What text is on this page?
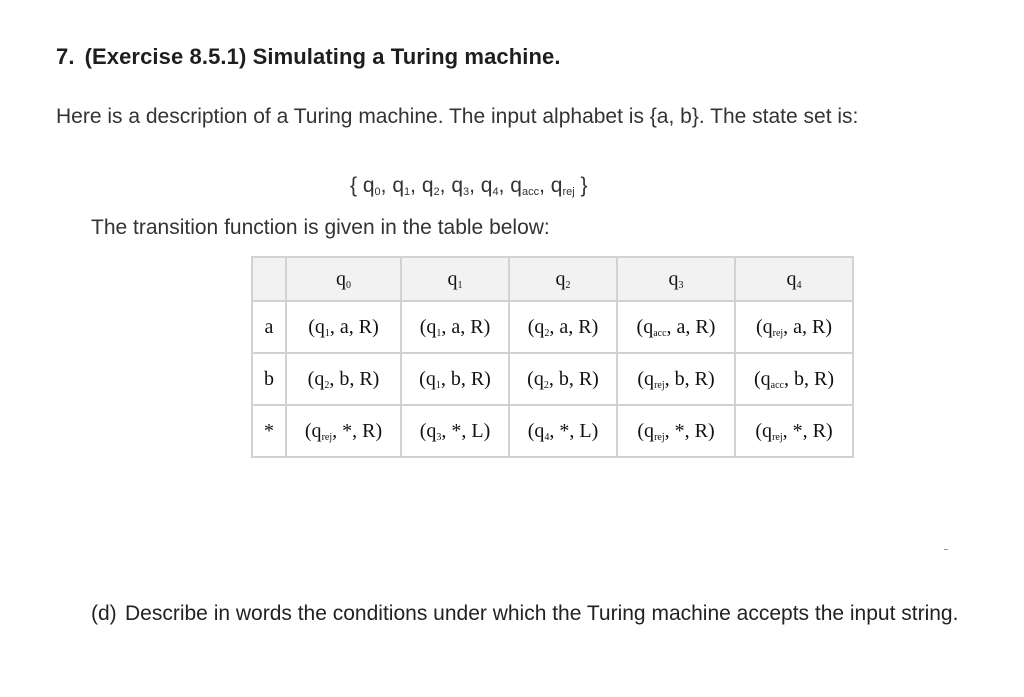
7. (Exercise 8.5.1) Simulating a Turing machine.
Here is a description of a Turing machine. The input alphabet is {a, b}. The state set is:
{ $q_0$, $q_1$, $q_2$, $q_3$, $q_4$, $q_{acc}$, $q_{rej}$ }
The transition function is given in the table below:
	$q_0$	$q_1$	$q_2$	$q_3$	$q_4$
a	($q_1$, a, R)	($q_1$, a, R)	($q_2$, a, R)	($q_{acc}$, a, R)	($q_{rej}$, a, R)
b	($q_2$, b, R)	($q_1$, b, R)	($q_2$, b, R)	($q_{rej}$, b, R)	($q_{acc}$, b, R)
*	($q_{rej}$, *, R)	($q_3$, *, L)	($q_4$, *, L)	($q_{rej}$, *, R)	($q_{rej}$, *, R)
(d) Describe in words the conditions under which the Turing machine accepts the input string.
